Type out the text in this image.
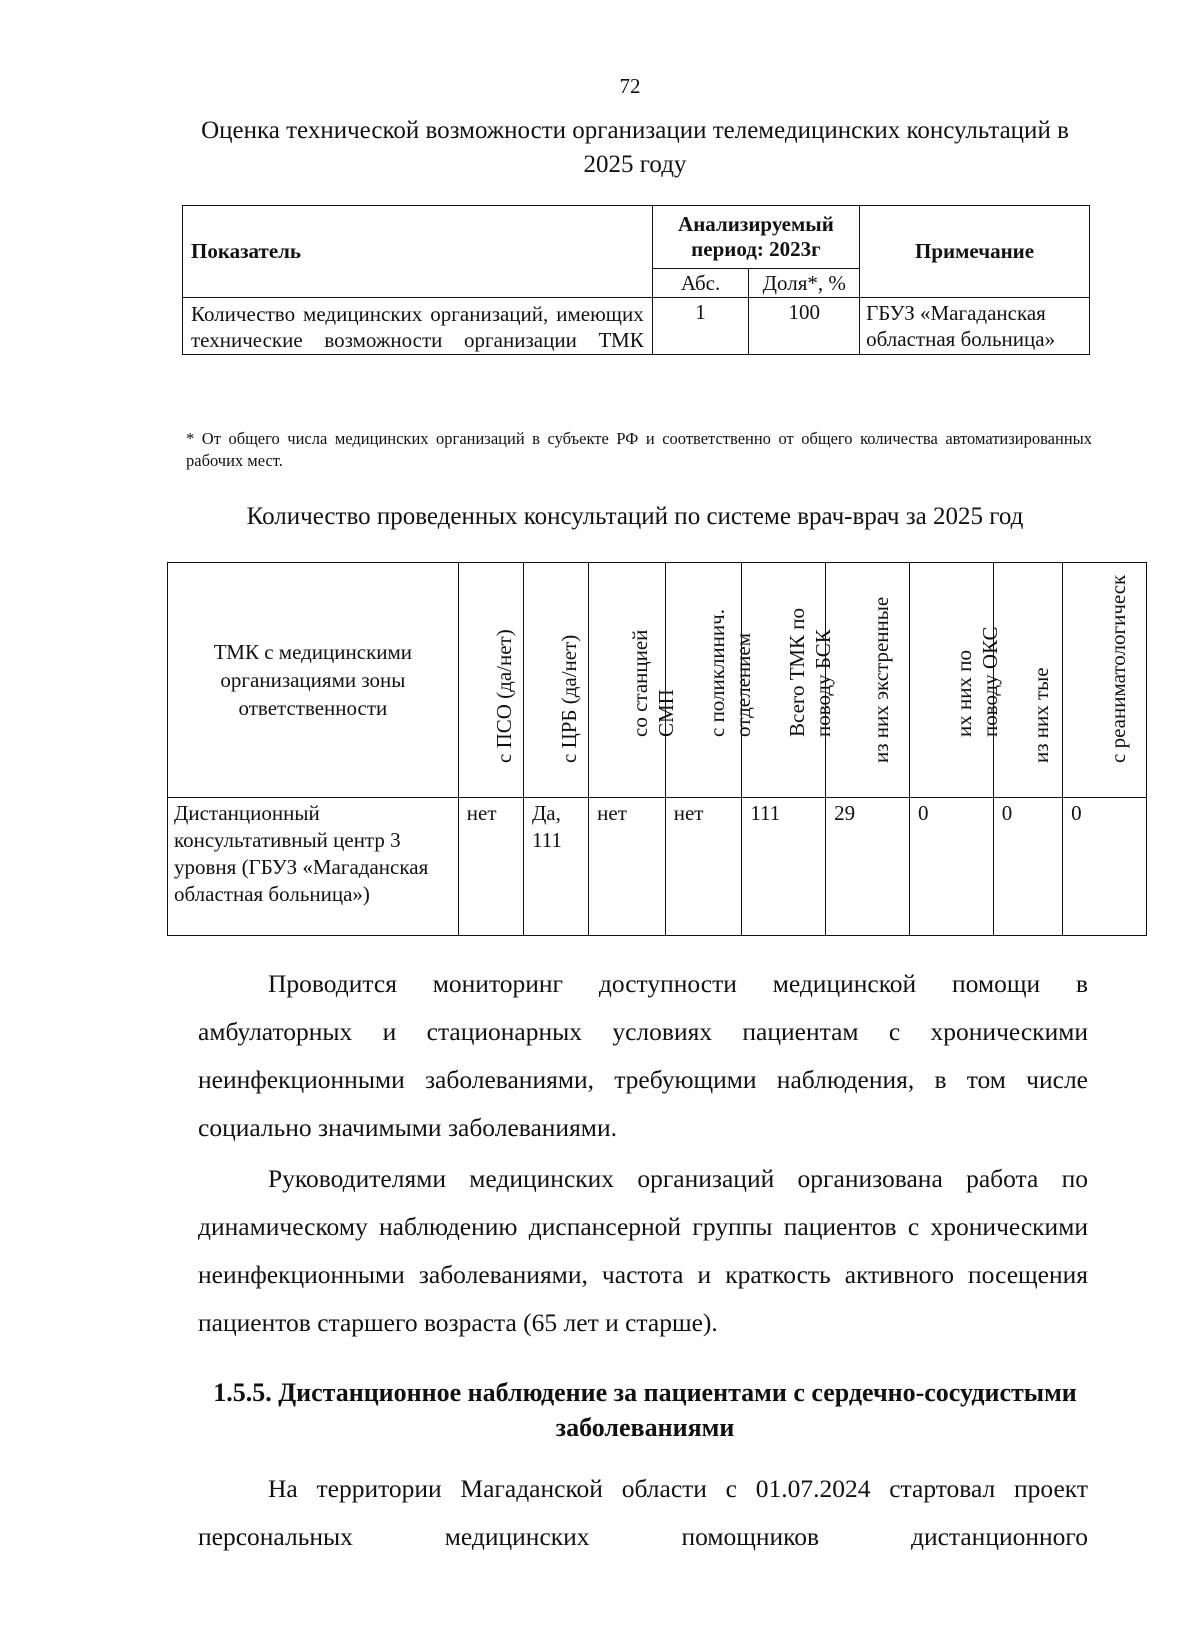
72
Оценка технической возможности организации телемедицинских консультаций в 2025 году
Показатель	Анализируемый период: 2023г		Примечание
	Абс.	Доля*, %	
Количество медицинских организаций, имеющих технические возможности организации ТМК	1	100	ГБУЗ «Магаданская областная больница»
* От общего числа медицинских организаций в субъекте РФ и соответственно от общего количества автоматизированных рабочих мест.
Количество проведенных консультаций по системе врач-врач за 2025 год
ТМК с медицинскими организациями зоны ответственности	с ПСО (да/нет)	с ЦРБ (да/нет)	со станцией СМП	с поликлинич. отделением	Всего ТМК по поводу БСК	из них экстренные	их них по поводу ОКС	из них тые	с реаниматологическ

Дистанционный консультативный центр 3 уровня (ГБУЗ «Магаданская областная больница»)	нет	Да, 111	нет	нет	111	29	0	0	0
Проводится мониторинг доступности медицинской помощи в амбулаторных и стационарных условиях пациентам с хроническими неинфекционными заболеваниями, требующими наблюдения, в том числе социально значимыми заболеваниями.
Руководителями медицинских организаций организована работа по динамическому наблюдению диспансерной группы пациентов с хроническими неинфекционными заболеваниями, частота и краткость активного посещения пациентов старшего возраста (65 лет и старше).
1.5.5. Дистанционное наблюдение за пациентами с сердечно-сосудистыми заболеваниями
На территории Магаданской области с 01.07.2024 стартовал проект персональных медицинских помощников дистанционного
